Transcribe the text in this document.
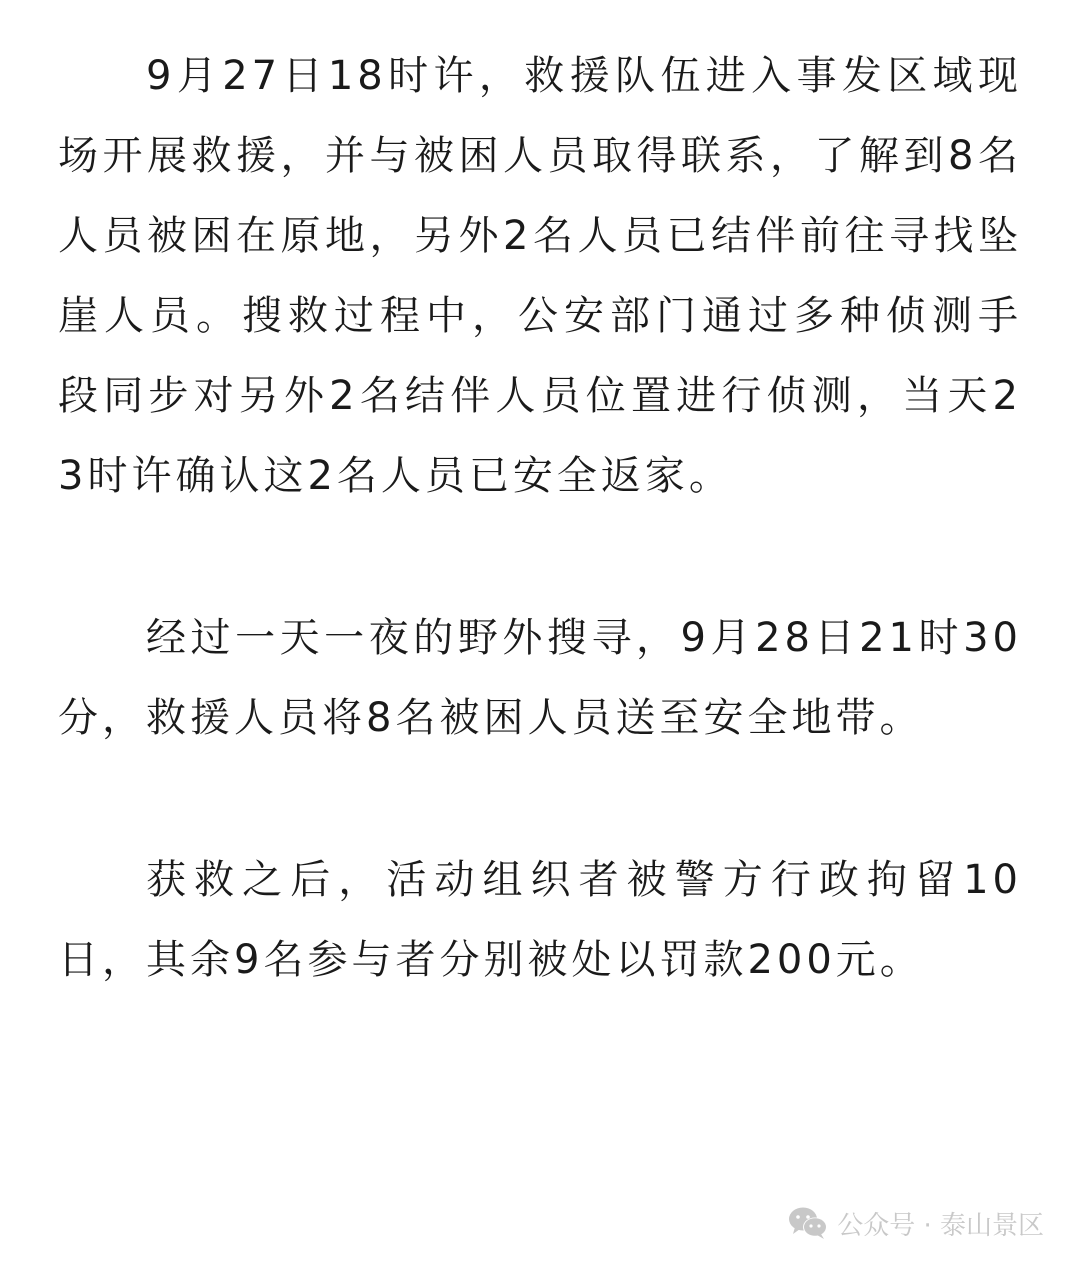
9月27日18时许，救援队伍进入事发区域现场开展救援，并与被困人员取得联系，了解到8名人员被困在原地，另外2名人员已结伴前往寻找坠崖人员。搜救过程中，公安部门通过多种侦测手段同步对另外2名结伴人员位置进行侦测，当天23时许确认这2名人员已安全返家。

经过一天一夜的野外搜寻，9月28日21时30分，救援人员将8名被困人员送至安全地带。

获救之后，活动组织者被警方行政拘留10日，其余9名参与者分别被处以罚款200元。

公众号 · 泰山景区
